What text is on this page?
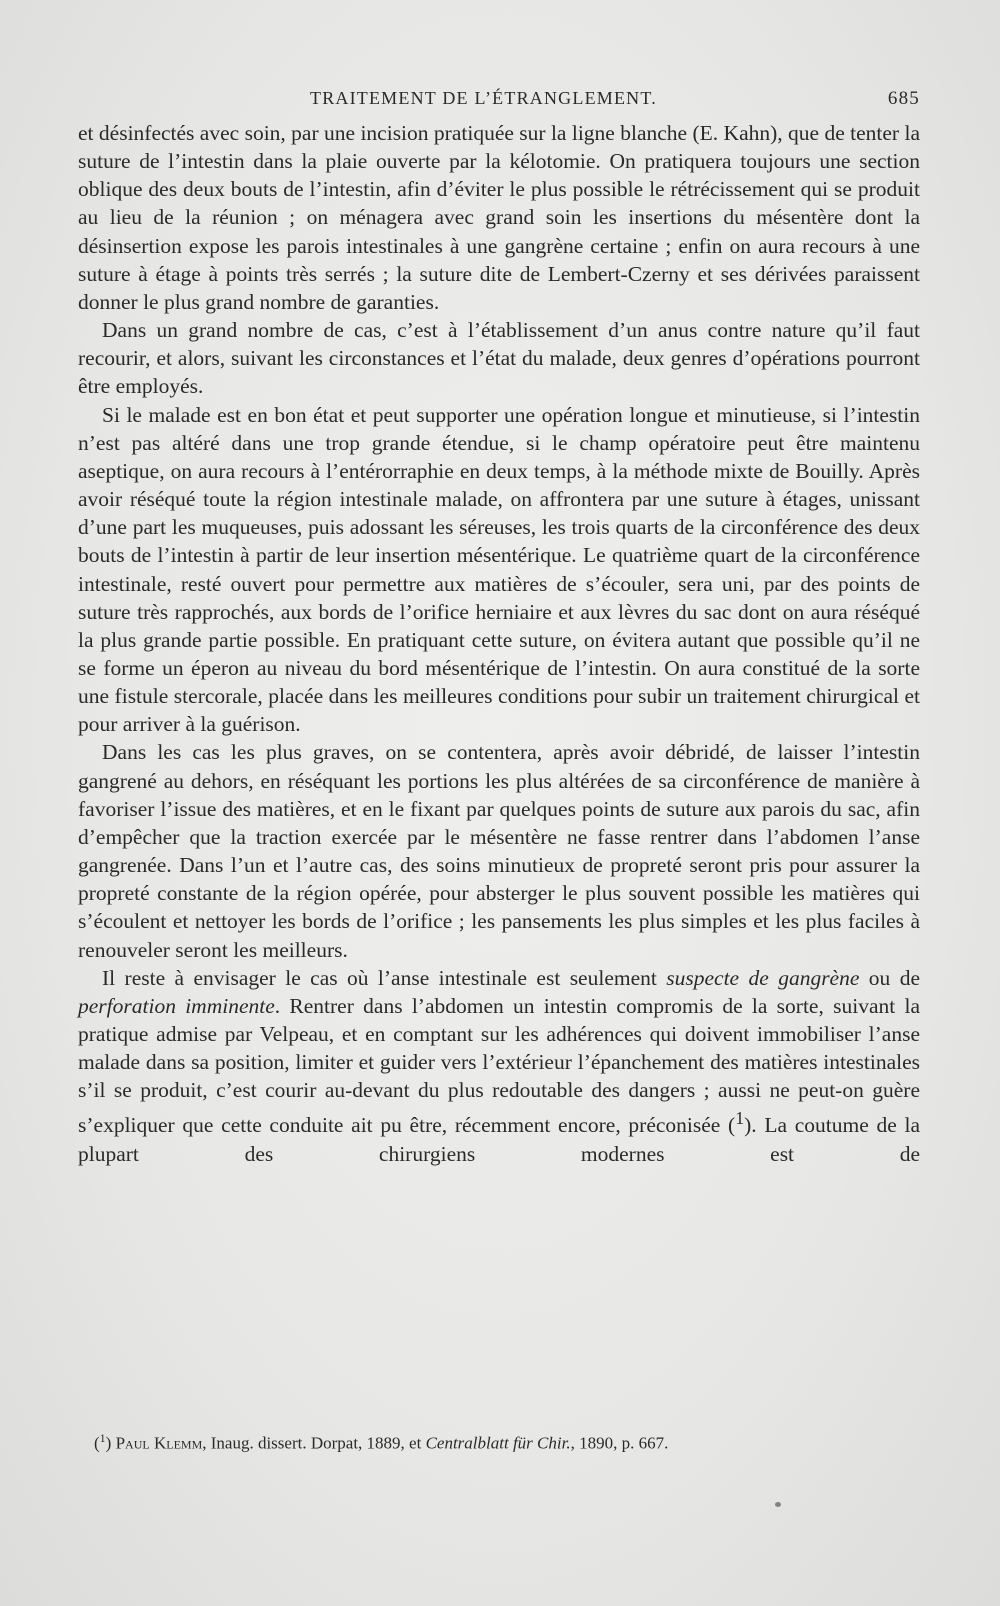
TRAITEMENT DE L’ÉTRANGLEMENT.	685

et désinfectés avec soin, par une incision pratiquée sur la ligne blanche (E. Kahn), que de tenter la suture de l’intestin dans la plaie ouverte par la kélotomie. On pratiquera toujours une section oblique des deux bouts de l’intestin, afin d’éviter le plus possible le rétrécissement qui se produit au lieu de la réunion ; on ménagera avec grand soin les insertions du mésentère dont la désinsertion expose les parois intestinales à une gangrène certaine ; enfin on aura recours à une suture à étage à points très serrés ; la suture dite de Lembert-Czerny et ses dérivées paraissent donner le plus grand nombre de garanties.

Dans un grand nombre de cas, c’est à l’établissement d’un anus contre nature qu’il faut recourir, et alors, suivant les circonstances et l’état du malade, deux genres d’opérations pourront être employés.

Si le malade est en bon état et peut supporter une opération longue et minutieuse, si l’intestin n’est pas altéré dans une trop grande étendue, si le champ opératoire peut être maintenu aseptique, on aura recours à l’entérorraphie en deux temps, à la méthode mixte de Bouilly. Après avoir réséqué toute la région intestinale malade, on affrontera par une suture à étages, unissant d’une part les muqueuses, puis adossant les séreuses, les trois quarts de la circonférence des deux bouts de l’intestin à partir de leur insertion mésentérique. Le quatrième quart de la circonférence intestinale, resté ouvert pour permettre aux matières de s’écouler, sera uni, par des points de suture très rapprochés, aux bords de l’orifice herniaire et aux lèvres du sac dont on aura réséqué la plus grande partie possible. En pratiquant cette suture, on évitera autant que possible qu’il ne se forme un éperon au niveau du bord mésentérique de l’intestin. On aura constitué de la sorte une fistule stercorale, placée dans les meilleures conditions pour subir un traitement chirurgical et pour arriver à la guérison.

Dans les cas les plus graves, on se contentera, après avoir débridé, de laisser l’intestin gangrené au dehors, en réséquant les portions les plus altérées de sa circonférence de manière à favoriser l’issue des matières, et en le fixant par quelques points de suture aux parois du sac, afin d’empêcher que la traction exercée par le mésentère ne fasse rentrer dans l’abdomen l’anse gangrenée. Dans l’un et l’autre cas, des soins minutieux de propreté seront pris pour assurer la propreté constante de la région opérée, pour absterger le plus souvent possible les matières qui s’écoulent et nettoyer les bords de l’orifice ; les pansements les plus simples et les plus faciles à renouveler seront les meilleurs.

Il reste à envisager le cas où l’anse intestinale est seulement suspecte de gangrène ou de perforation imminente. Rentrer dans l’abdomen un intestin compromis de la sorte, suivant la pratique admise par Velpeau, et en comptant sur les adhérences qui doivent immobiliser l’anse malade dans sa position, limiter et guider vers l’extérieur l’épanchement des matières intestinales s’il se produit, c’est courir au-devant du plus redoutable des dangers ; aussi ne peut-on guère s’expliquer que cette conduite ait pu être, récemment encore, préconisée ($^1$). La coutume de la plupart des chirurgiens modernes est de

($^1$) Paul Klemm, Inaug. dissert. Dorpat, 1889, et Centralblatt für Chir., 1890, p. 667.
